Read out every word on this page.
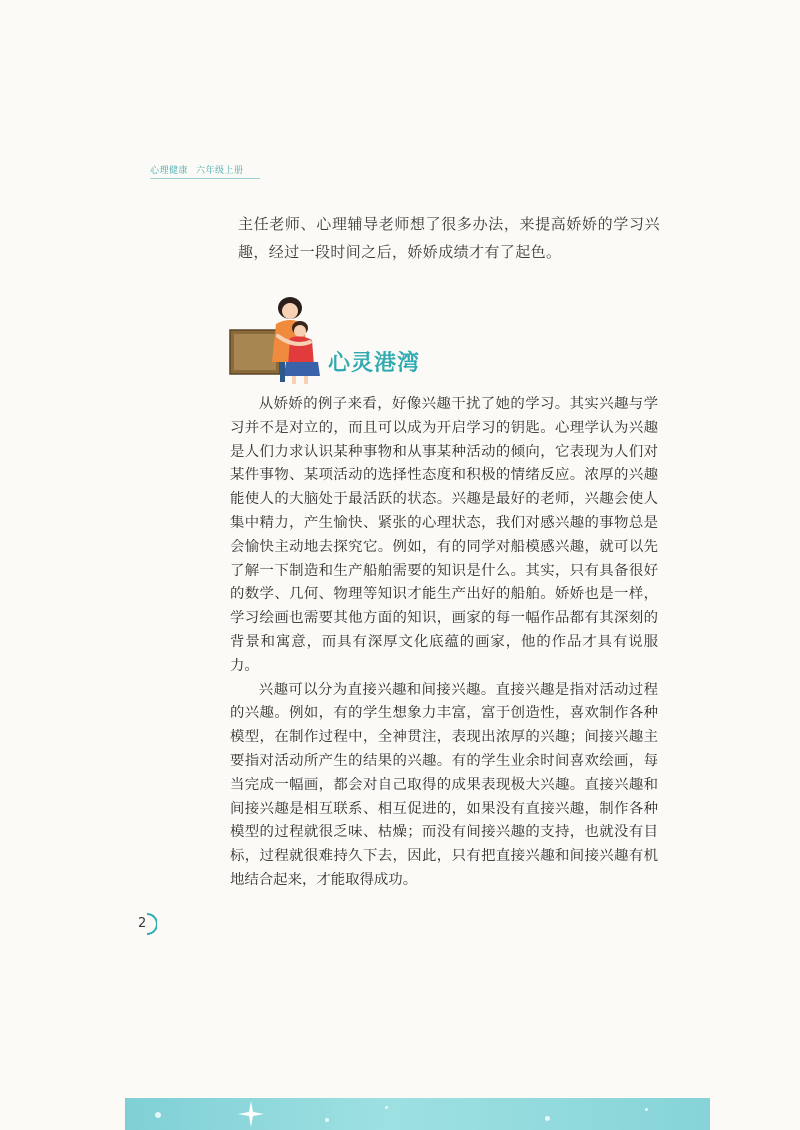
心理健康 六年级上册

主任老师、心理辅导老师想了很多办法，来提高娇娇的学习兴趣，经过一段时间之后，娇娇成绩才有了起色。

心灵港湾

从娇娇的例子来看，好像兴趣干扰了她的学习。其实兴趣与学习并不是对立的，而且可以成为开启学习的钥匙。心理学认为兴趣是人们力求认识某种事物和从事某种活动的倾向，它表现为人们对某件事物、某项活动的选择性态度和积极的情绪反应。浓厚的兴趣能使人的大脑处于最活跃的状态。兴趣是最好的老师，兴趣会使人集中精力，产生愉快、紧张的心理状态，我们对感兴趣的事物总是会愉快主动地去探究它。例如，有的同学对船模感兴趣，就可以先了解一下制造和生产船舶需要的知识是什么。其实，只有具备很好的数学、几何、物理等知识才能生产出好的船舶。娇娇也是一样，学习绘画也需要其他方面的知识，画家的每一幅作品都有其深刻的背景和寓意，而具有深厚文化底蕴的画家，他的作品才具有说服力。

兴趣可以分为直接兴趣和间接兴趣。直接兴趣是指对活动过程的兴趣。例如，有的学生想象力丰富，富于创造性，喜欢制作各种模型，在制作过程中，全神贯注，表现出浓厚的兴趣；间接兴趣主要指对活动所产生的结果的兴趣。有的学生业余时间喜欢绘画，每当完成一幅画，都会对自己取得的成果表现极大兴趣。直接兴趣和间接兴趣是相互联系、相互促进的，如果没有直接兴趣，制作各种模型的过程就很乏味、枯燥；而没有间接兴趣的支持，也就没有目标，过程就很难持久下去，因此，只有把直接兴趣和间接兴趣有机地结合起来，才能取得成功。

2
